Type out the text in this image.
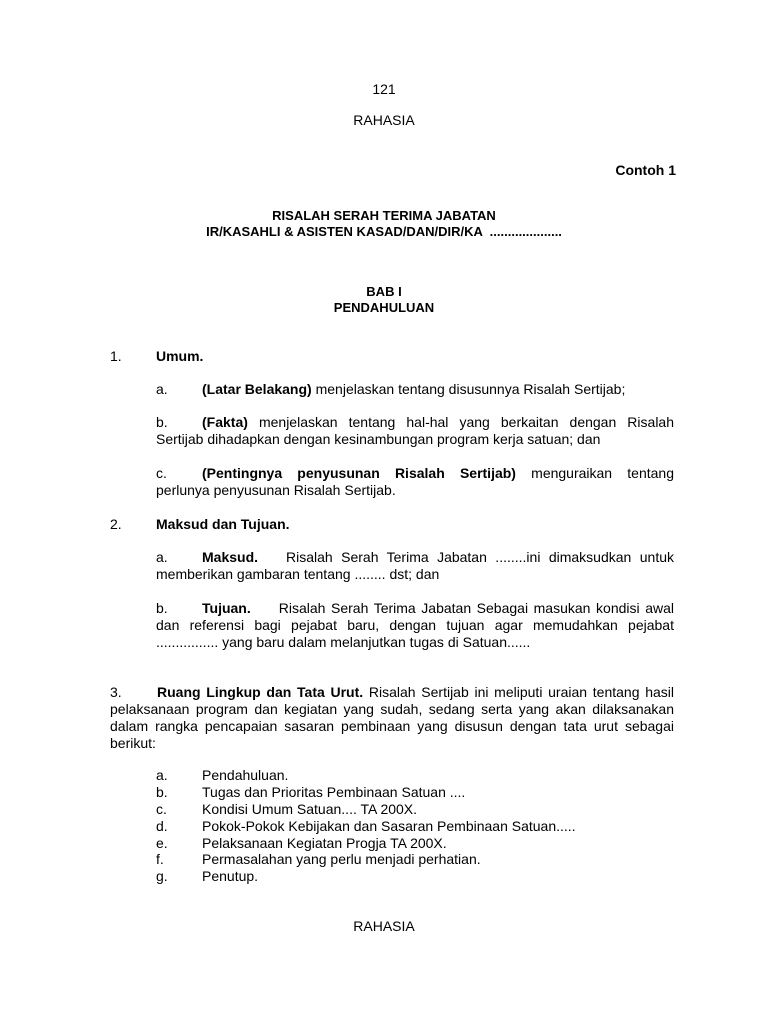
121
RAHASIA
Contoh 1
RISALAH SERAH TERIMA JABATAN
IR/KASAHLI & ASISTEN KASAD/DAN/DIR/KA  ....................
BAB I
PENDAHULUAN
1. Umum.
a. (Latar Belakang) menjelaskan tentang disusunnya Risalah Sertijab;
b. (Fakta) menjelaskan tentang hal-hal yang berkaitan dengan Risalah Sertijab dihadapkan dengan kesinambungan program kerja satuan; dan
c.	(Pentingnya penyusunan Risalah Sertijab) menguraikan tentang perlunya penyusunan Risalah Sertijab.
2. Maksud dan Tujuan.
a. Maksud. Risalah Serah Terima Jabatan ........ini dimaksudkan untuk memberikan gambaran tentang ........ dst; dan
b. Tujuan. Risalah Serah Terima Jabatan Sebagai masukan kondisi awal dan referensi bagi pejabat baru, dengan tujuan agar memudahkan pejabat ................ yang baru dalam melanjutkan tugas di Satuan......
3.	Ruang Lingkup dan Tata Urut. Risalah Sertijab ini meliputi uraian tentang hasil pelaksanaan program dan kegiatan yang sudah, sedang serta yang akan dilaksanakan dalam rangka pencapaian sasaran pembinaan yang disusun dengan tata urut sebagai berikut:
a. Pendahuluan.
b. Tugas dan Prioritas Pembinaan Satuan ....
c.	Kondisi Umum Satuan.... TA 200X.
d. Pokok-Pokok Kebijakan dan Sasaran Pembinaan Satuan.....
e. Pelaksanaan Kegiatan Progja TA 200X.
f.	Permasalahan yang perlu menjadi perhatian.
g. Penutup.
RAHASIA
